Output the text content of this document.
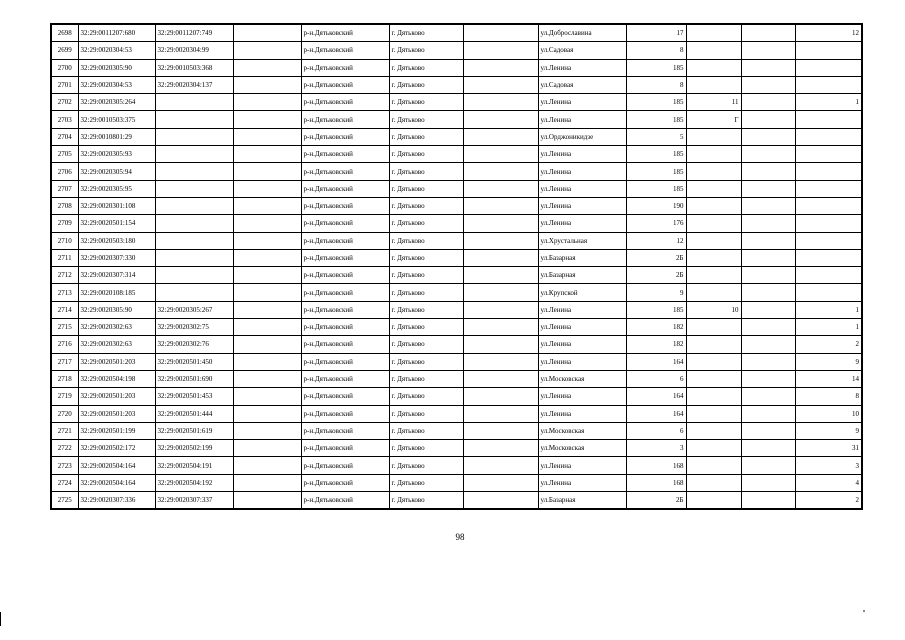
2698	32:29:0011207:680	32:29:0011207:749		р-н.Дятьковский	г. Дятьково		ул.Доброславина	17			12
2699	32:29:0020304:53	32:29:0020304:99		р-н.Дятьковский	г. Дятьково		ул.Садовая	8			
2700	32:29:0020305:90	32:29:0010503:368		р-н.Дятьковский	г. Дятьково		ул.Ленина	185			
2701	32:29:0020304:53	32:29:0020304:137		р-н.Дятьковский	г. Дятьково		ул.Садовая	8			
2702	32:29:0020305:264			р-н.Дятьковский	г. Дятьково		ул.Ленина	185	11		1
2703	32:29:0010503:375			р-н.Дятьковский	г. Дятьково		ул.Ленина	185	Г		
2704	32:29:0010801:29			р-н.Дятьковский	г. Дятьково		ул.Орджоникидзе	5			
2705	32:29:0020305:93			р-н.Дятьковский	г. Дятьково		ул.Ленина	185			
2706	32:29:0020305:94			р-н.Дятьковский	г. Дятьково		ул.Ленина	185			
2707	32:29:0020305:95			р-н.Дятьковский	г. Дятьково		ул.Ленина	185			
2708	32:29:0020301:108			р-н.Дятьковский	г. Дятьково		ул.Ленина	190			
2709	32:29:0020501:154			р-н.Дятьковский	г. Дятьково		ул.Ленина	176			
2710	32:29:0020503:180			р-н.Дятьковский	г. Дятьково		ул.Хрустальная	12			
2711	32:29:0020307:330			р-н.Дятьковский	г. Дятьково		ул.Базарная	2Б			
2712	32:29:0020307:314			р-н.Дятьковский	г. Дятьково		ул.Базарная	2Б			
2713	32:29:0020108:185			р-н.Дятьковский	г. Дятьково		ул.Крупской	9			
2714	32:29:0020305:90	32:29:0020305:267		р-н.Дятьковский	г. Дятьково		ул.Ленина	185	10		1
2715	32:29:0020302:63	32:29:0020302:75		р-н.Дятьковский	г. Дятьково		ул.Ленина	182			1
2716	32:29:0020302:63	32:29:0020302:76		р-н.Дятьковский	г. Дятьково		ул.Ленина	182			2
2717	32:29:0020501:203	32:29:0020501:450		р-н.Дятьковский	г. Дятьково		ул.Ленина	164			9
2718	32:29:0020504:198	32:29:0020501:690		р-н.Дятьковский	г. Дятьково		ул.Московская	6			14
2719	32:29:0020501:203	32:29:0020501:453		р-н.Дятьковский	г. Дятьково		ул.Ленина	164			8
2720	32:29:0020501:203	32:29:0020501:444		р-н.Дятьковский	г. Дятьково		ул.Ленина	164			10
2721	32:29:0020501:199	32:29:0020501:619		р-н.Дятьковский	г. Дятьково		ул.Московская	6			9
2722	32:29:0020502:172	32:29:0020502:199		р-н.Дятьковский	г. Дятьково		ул.Московская	3			31
2723	32:29:0020504:164	32:29:0020504:191		р-н.Дятьковский	г. Дятьково		ул.Ленина	168			3
2724	32:29:0020504:164	32:29:0020504:192		р-н.Дятьковский	г. Дятьково		ул.Ленина	168			4
2725	32:29:0020307:336	32:29:0020307:337		р-н.Дятьковский	г. Дятьково		ул.Базарная	2Б			2
98
